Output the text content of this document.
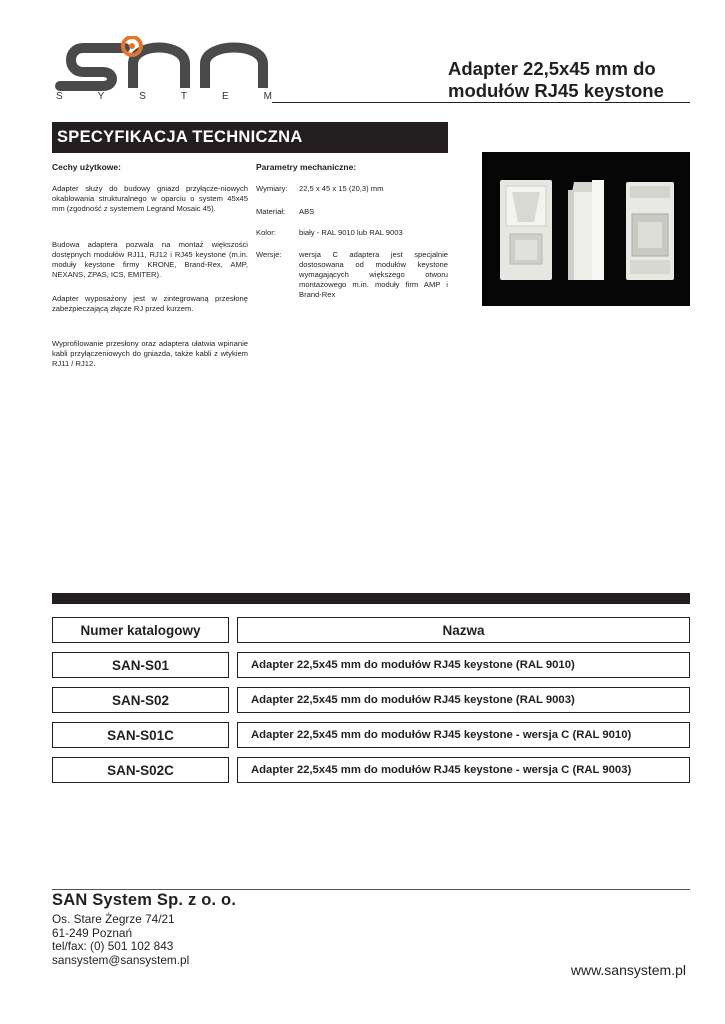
S	Y	S	T	E	M
Adapter 22,5x45 mm do
modułów RJ45 keystone
SPECYFIKACJA TECHNICZNA
Cechy użytkowe:
Adapter służy do budowy gniazd przyłącze-niowych okablowania strukturalnego w oparciu o system 45x45 mm (zgodność z systemem Legrand Mosaic 45).
Budowa adaptera pozwala na montaż większości dostępnych modułów RJ11, RJ12 i RJ45 keystone (m.in. moduły keystone firmy KRONE, Brand-Rex, AMP, NEXANS, ZPAS, ICS, EMITER).
Adapter wyposażony jest w zintegrowaną przesłonę zabezpieczającą złącze RJ przed kurzem.
Wyprofilowanie przesłony oraz adaptera ułatwia wpinanie kabli przyłączeniowych do gniazda, także kabli z wtykiem RJ11 / RJ12.
Parametry mechaniczne:
Wymiary: 22,5 x 45 x 15 (20,3) mm
Materiał: ABS
Kolor:	biały - RAL 9010 lub RAL 9003
Wersje: wersja C adaptera jest specjalnie dostosowana od modułów keystone wymagających większego otworu montażowego m.in. moduły firm AMP i Brand-Rex
Numer katalogowy	Nazwa
SAN-S01	Adapter 22,5x45 mm do modułów RJ45 keystone (RAL 9010)
SAN-S02	Adapter 22,5x45 mm do modułów RJ45 keystone (RAL 9003)
SAN-S01C	Adapter 22,5x45 mm do modułów RJ45 keystone - wersja C (RAL 9010)
SAN-S02C	Adapter 22,5x45 mm do modułów RJ45 keystone - wersja C (RAL 9003)
SAN System Sp. z o. o.
Os. Stare Żegrze 74/21
61-249 Poznań
tel/fax: (0) 501 102 843
sansystem@sansystem.pl
www.sansystem.pl
